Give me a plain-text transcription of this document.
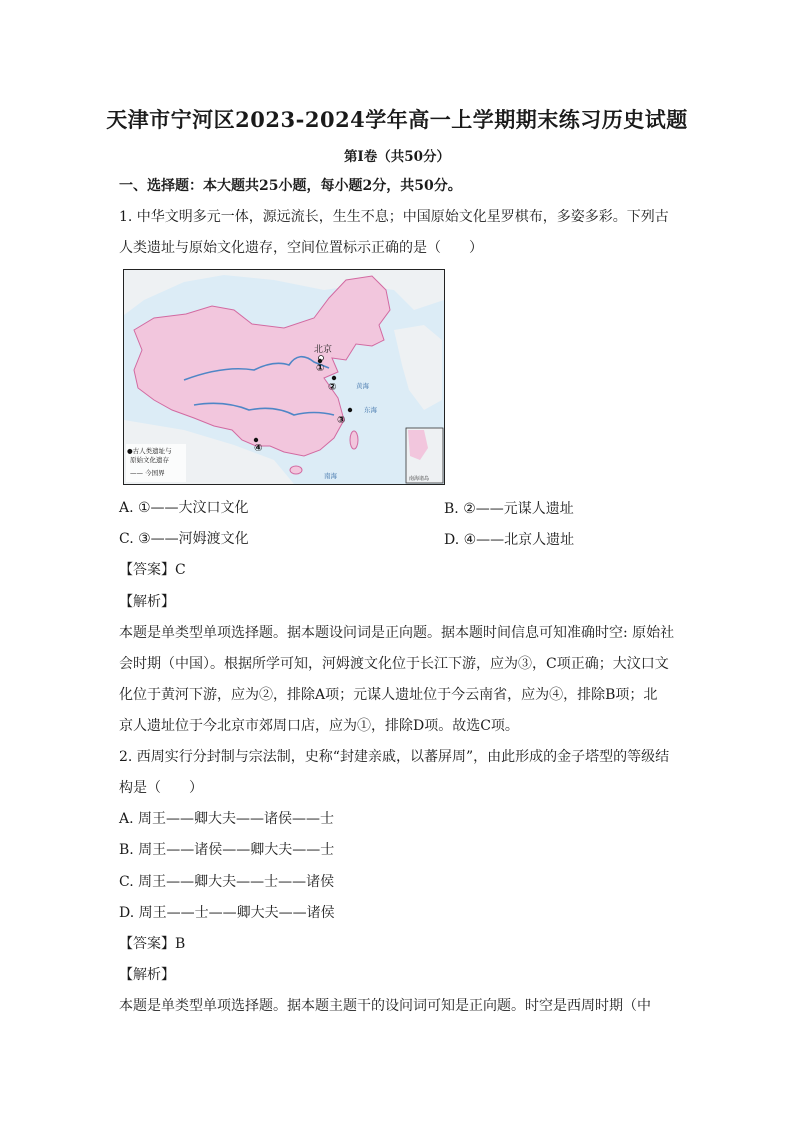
天津市宁河区2023-2024学年高一上学期期末练习历史试题
第Ⅰ卷（共50分）
一、选择题：本大题共25小题，每小题2分，共50分。
1. 中华文明多元一体，源远流长，生生不息；中国原始文化星罗棋布，多姿多彩。下列古
人类遗址与原始文化遗存，空间位置标示正确的是（　　）
南海诸岛
北京
①
②
③
④
黄海
东海
南海
●古人类遗址与
原始文化遗存
—— 今国界
A. ①——大汶口文化	B. ②——元谋人遗址
C. ③——河姆渡文化	D. ④——北京人遗址
【答案】C
【解析】
本题是单类型单项选择题。据本题设问词是正向题。据本题时间信息可知准确时空: 原始社
会时期（中国）。根据所学可知，河姆渡文化位于长江下游，应为③，C项正确；大汶口文
化位于黄河下游，应为②，排除A项；元谋人遗址位于今云南省，应为④，排除B项；北
京人遗址位于今北京市郊周口店，应为①，排除D项。故选C项。
2. 西周实行分封制与宗法制，史称“封建亲戚，以蕃屏周”，由此形成的金子塔型的等级结
构是（　　）
A. 周王——卿大夫——诸侯——士
B. 周王——诸侯——卿大夫——士
C. 周王——卿大夫——士——诸侯
D. 周王——士——卿大夫——诸侯
【答案】B
【解析】
本题是单类型单项选择题。据本题主题干的设问词可知是正向题。时空是西周时期（中
